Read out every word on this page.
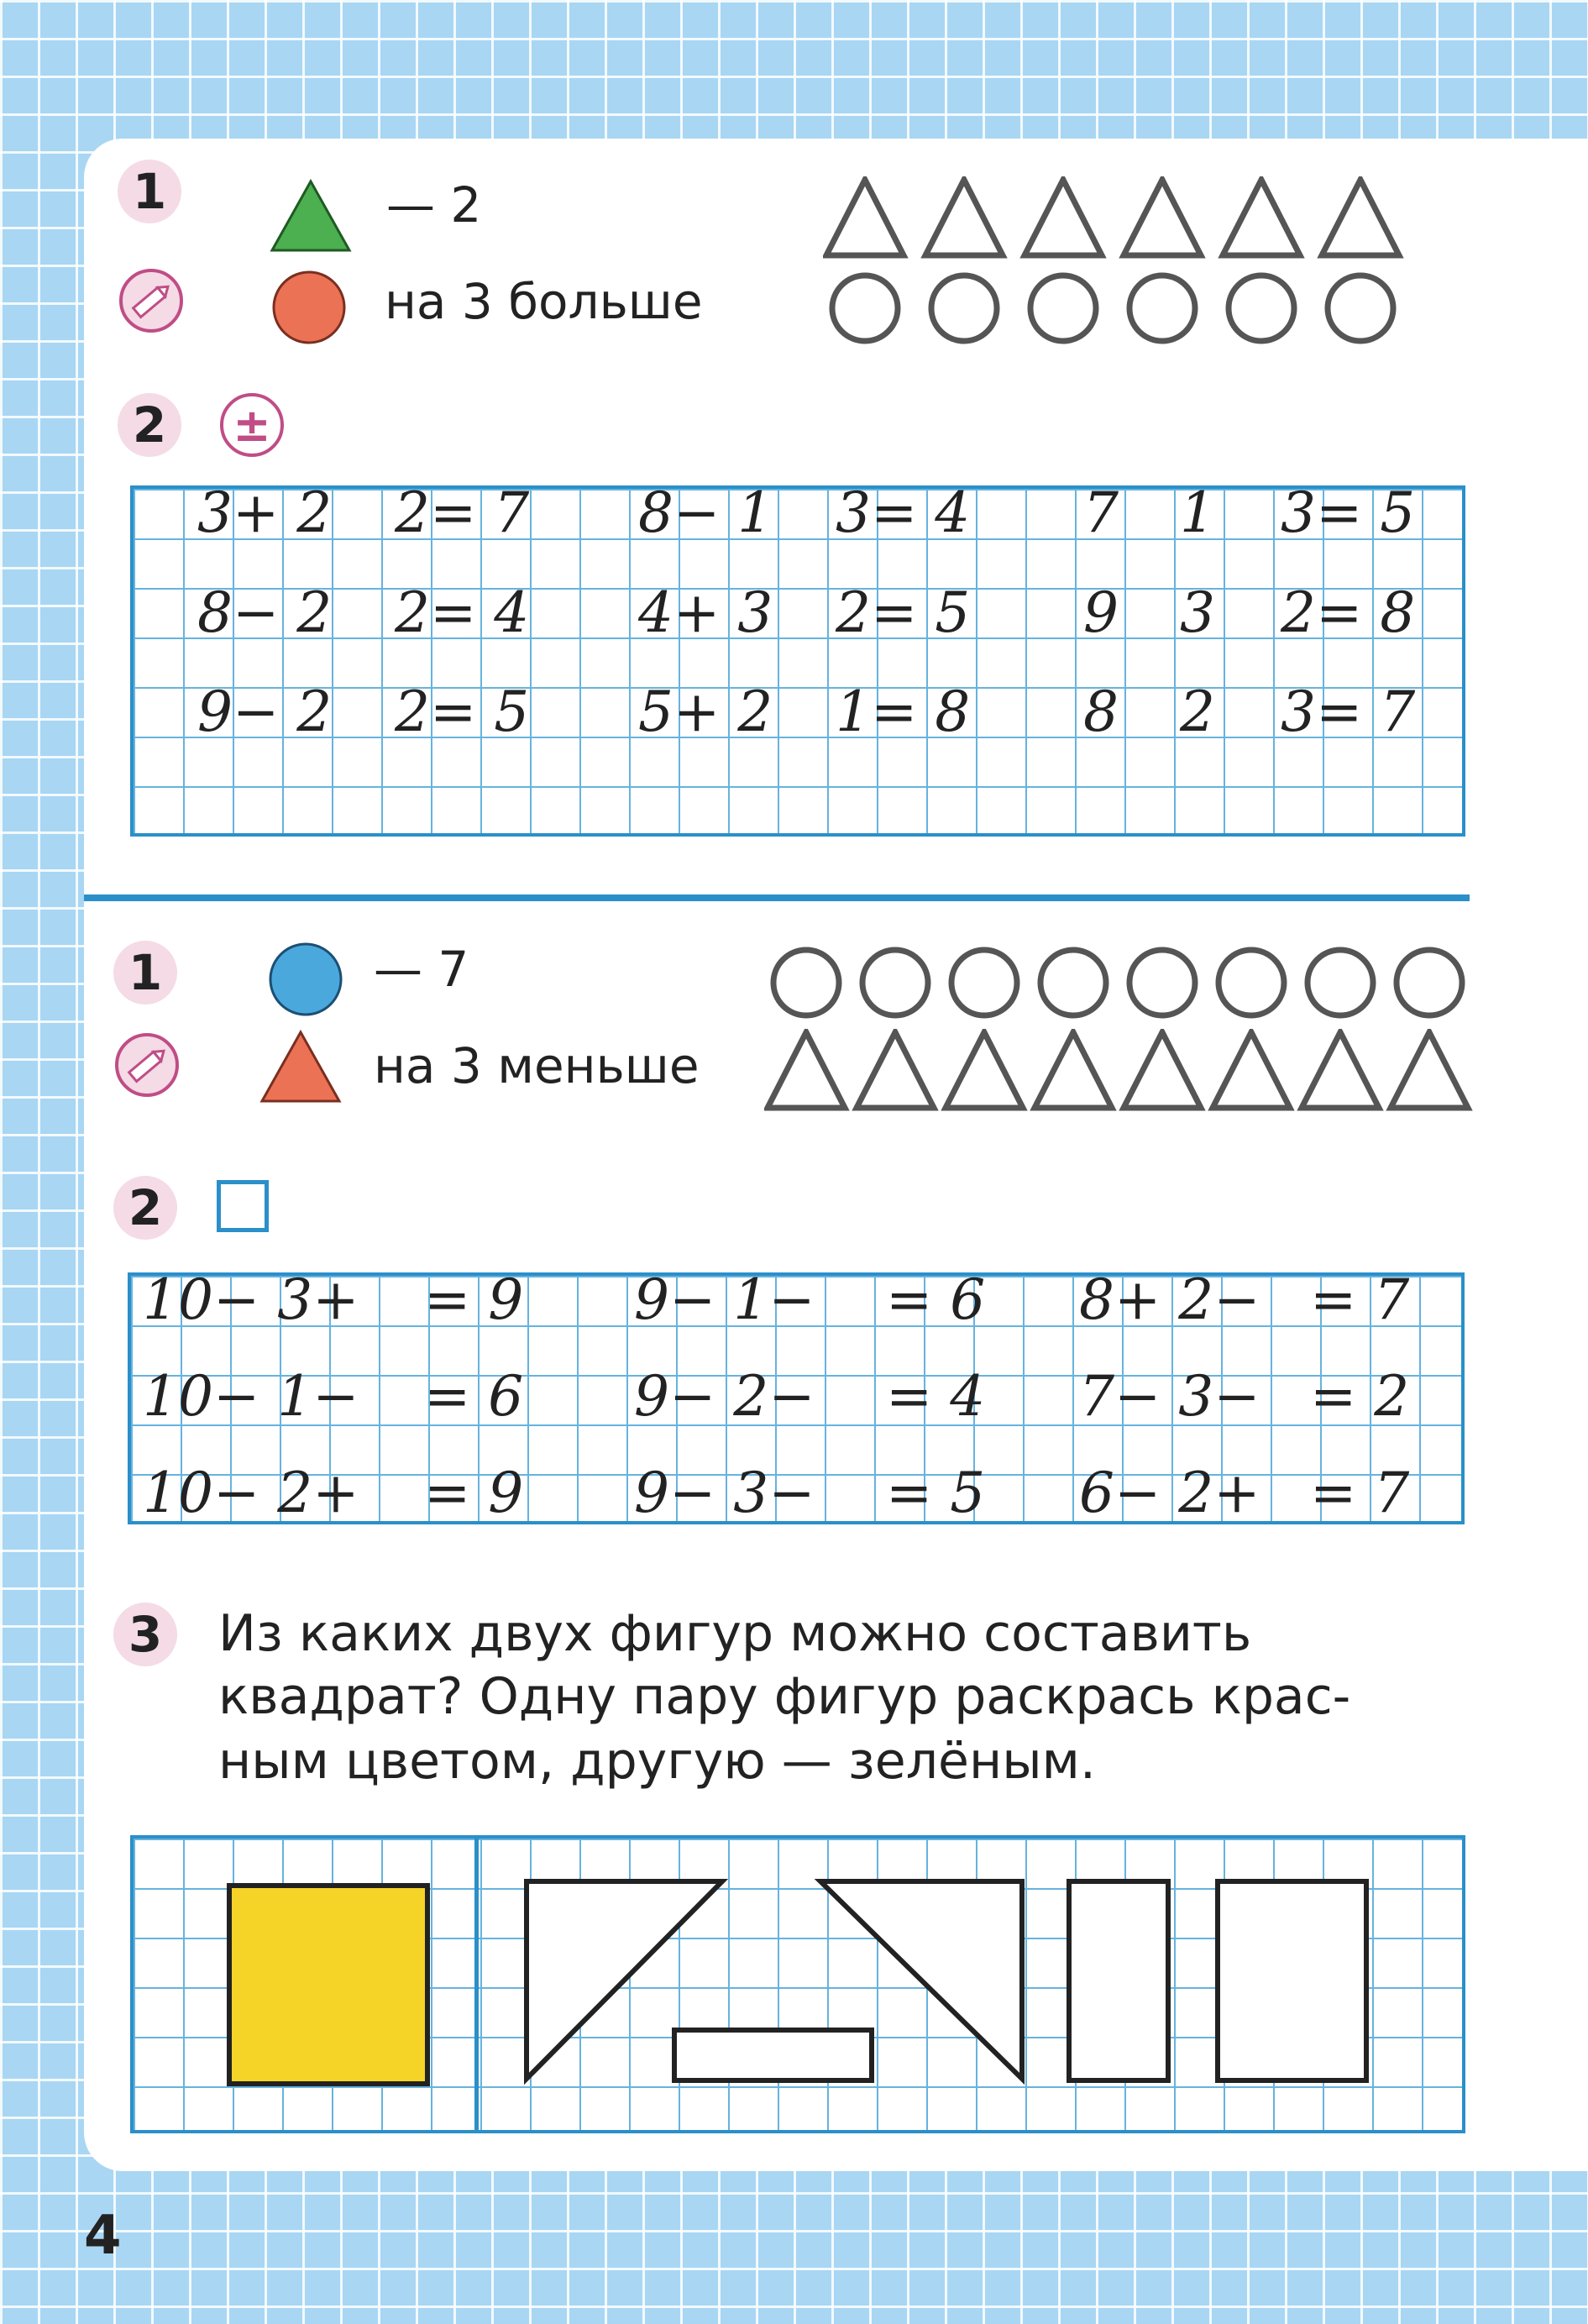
1	— 2
на 3 больше
2 ±
3+ 2 2= 7 8− 1 3= 4 7 1 3= 5
8− 2 2= 4 4+ 3 2= 5 9 3 2= 8
9− 2 2= 5 5+ 2 1= 8 8 2 3= 7
1	— 7
на 3 меньше
2
10− 3+ = 9 9− 1− = 6 8+ 2− = 7
10− 1− = 6 9− 2− = 4 7− 3− = 2
10− 2+ = 9 9− 3− = 5 6− 2+ = 7
3 Из каких двух фигур можно составить
квадрат? Одну пару фигур раскрась крас-
ным цветом, другую — зелёным.
4
